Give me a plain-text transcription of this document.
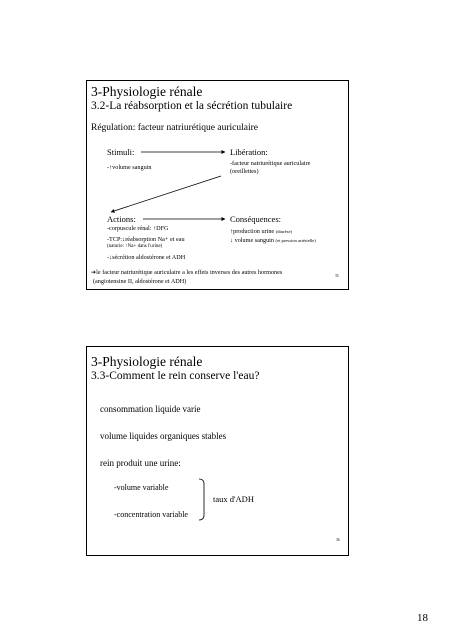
3-Physiologie rénale
3.2-La réabsorption et la sécrétion tubulaire
Régulation: facteur natriurétique auriculaire
Stimuli:
-↑volume sanguin
Libération:
-facteur natriurétique auriculaire
(oreillettes)
Actions:
-corpuscule rénal: ↑DFG
-TCP:↓réabsorption Na+ et eau
(naturie: ↑Na+ dans l'urine)
-↓sécrétion aldostérone et ADH
Conséquences:
↑production urine (diurèse)
↓ volume sanguin (et pression artérielle)
➔le facteur natriurétique auriculaire a les effets inverses des autres hormones
(angiotensine II, aldostérone et ADH)
35
3-Physiologie rénale
3.3-Comment le rein conserve l'eau?
consommation liquide varie
volume liquides organiques stables
rein produit une urine:
-volume variable
-concentration variable
taux d'ADH
36
18
